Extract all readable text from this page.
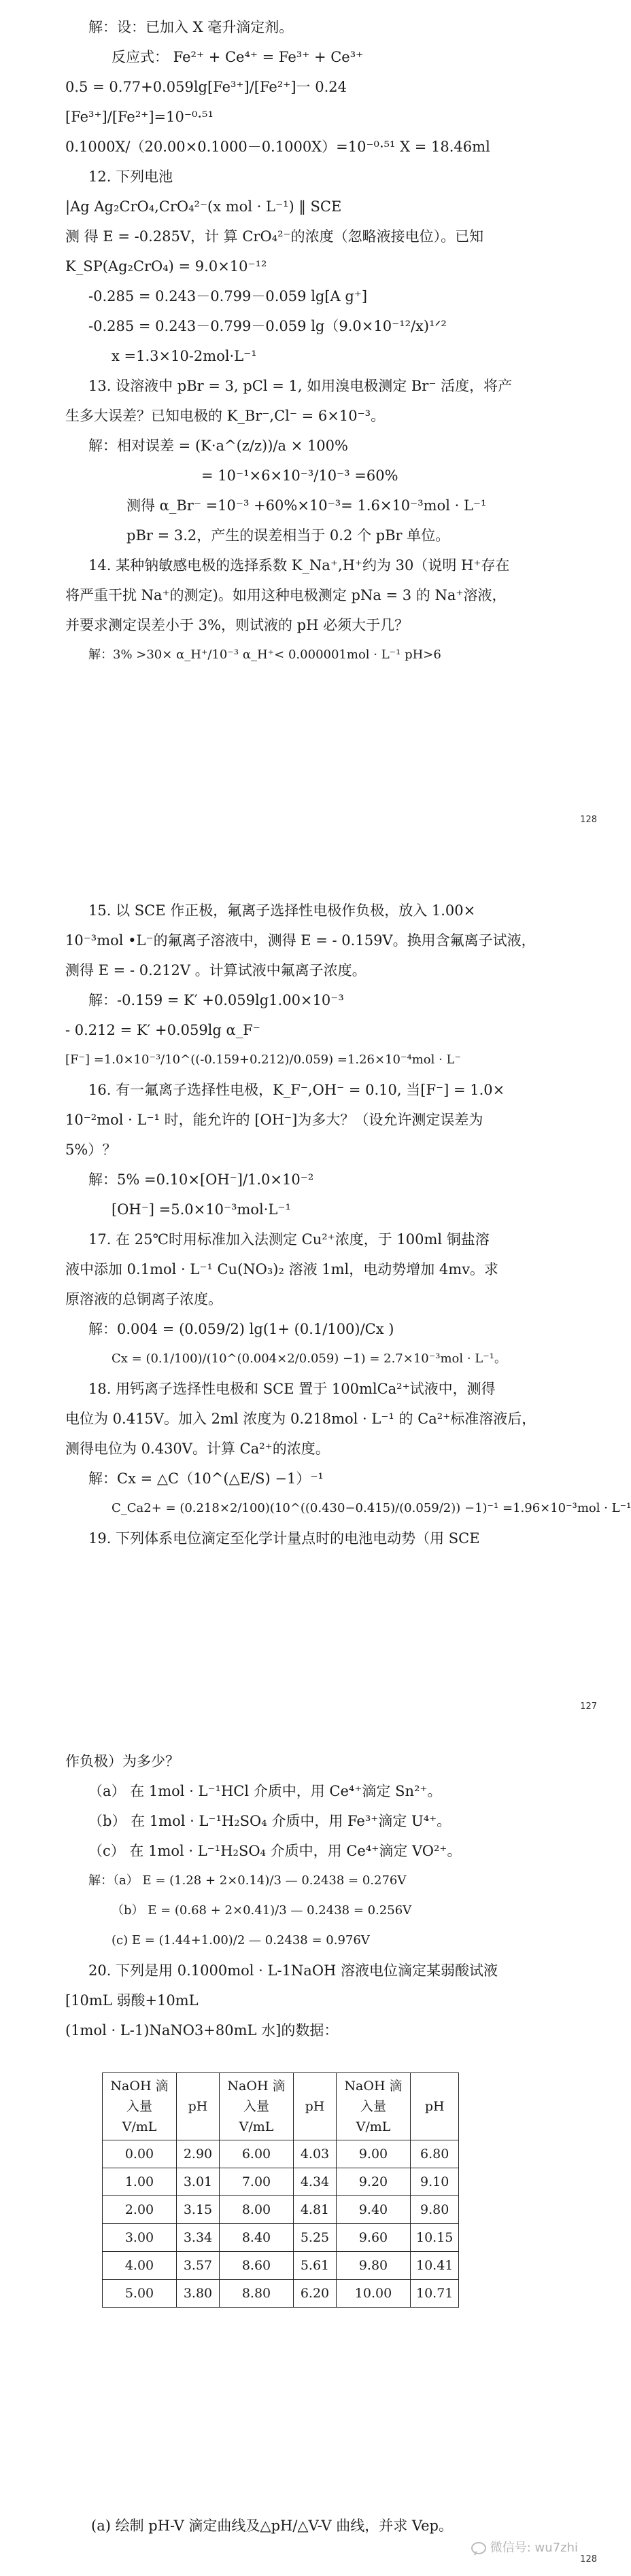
解：设：已加入 X 毫升滴定剂。
反应式： Fe²⁺ + Ce⁴⁺ = Fe³⁺ + Ce³⁺
0.5 = 0.77+0.059lg[Fe³⁺]/[Fe²⁺]一 0.24
[Fe³⁺]/[Fe²⁺]=10⁻⁰·⁵¹
0.1000X/（20.00×0.1000－0.1000X）=10⁻⁰·⁵¹ X = 18.46ml
12. 下列电池
|Ag Ag₂CrO₄,CrO₄²⁻(x mol · L⁻¹) ‖ SCE
测 得 E = -0.285V，计 算 CrO₄²⁻的浓度（忽略液接电位）。已知
K_SP(Ag₂CrO₄) = 9.0×10⁻¹²
-0.285 = 0.243－0.799－0.059 lg[A g⁺]
-0.285 = 0.243－0.799－0.059 lg（9.0×10⁻¹²/x)¹ᐟ²
x =1.3×10-2mol·L⁻¹
13. 设溶液中 pBr = 3, pCl = 1, 如用溴电极测定 Br⁻ 活度，将产
生多大误差？已知电极的 K_Br⁻,Cl⁻ = 6×10⁻³。
解：相对误差 = (K·a^(z/z))/a × 100%
= 10⁻¹×6×10⁻³/10⁻³ =60%
测得 α_Br⁻ =10⁻³ +60%×10⁻³= 1.6×10⁻³mol · L⁻¹
pBr = 3.2，产生的误差相当于 0.2 个 pBr 单位。
14. 某种钠敏感电极的选择系数 K_Na⁺,H⁺约为 30（说明 H⁺存在
将严重干扰 Na⁺的测定)。如用这种电极测定 pNa = 3 的 Na⁺溶液，
并要求测定误差小于 3%，则试液的 pH 必须大于几？
解：3% >30× α_H⁺/10⁻³ α_H⁺< 0.000001mol · L⁻¹ pH>6
128
15. 以 SCE 作正极，氟离子选择性电极作负极，放入 1.00×
10⁻³mol •L⁻的氟离子溶液中，测得 E = - 0.159V。换用含氟离子试液，
测得 E = - 0.212V 。计算试液中氟离子浓度。
解：-0.159 = K′ +0.059lg1.00×10⁻³
- 0.212 = K′ +0.059lg α_F⁻
[F⁻] =1.0×10⁻³/10^((-0.159+0.212)/0.059) =1.26×10⁻⁴mol · L⁻
16. 有一氟离子选择性电极，K_F⁻,OH⁻ = 0.10, 当[F⁻] = 1.0×
10⁻²mol · L⁻¹ 时，能允许的 [OH⁻]为多大？（设允许测定误差为
5%）？
解：5% =0.10×[OH⁻]/1.0×10⁻²
[OH⁻] =5.0×10⁻³mol·L⁻¹
17. 在 25℃时用标准加入法测定 Cu²⁺浓度，于 100ml 铜盐溶
液中添加 0.1mol · L⁻¹ Cu(NO₃)₂ 溶液 1ml，电动势增加 4mv。求
原溶液的总铜离子浓度。
解：0.004 = (0.059/2) lg(1+ (0.1/100)/Cx )
Cx = (0.1/100)/(10^(0.004×2/0.059) −1) = 2.7×10⁻³mol · L⁻¹。
18. 用钙离子选择性电极和 SCE 置于 100mlCa²⁺试液中，测得
电位为 0.415V。加入 2ml 浓度为 0.218mol · L⁻¹ 的 Ca²⁺标准溶液后，
测得电位为 0.430V。计算 Ca²⁺的浓度。
解：Cx = △C（10^(△E/S) −1）⁻¹
C_Ca2+ = (0.218×2/100)(10^((0.430−0.415)/(0.059/2)) −1)⁻¹ =1.96×10⁻³mol · L⁻¹
19. 下列体系电位滴定至化学计量点时的电池电动势（用 SCE
127
作负极）为多少？
（a） 在 1mol · L⁻¹HCl 介质中，用 Ce⁴⁺滴定 Sn²⁺。
（b） 在 1mol · L⁻¹H₂SO₄ 介质中，用 Fe³⁺滴定 U⁴⁺。
（c） 在 1mol · L⁻¹H₂SO₄ 介质中，用 Ce⁴⁺滴定 VO²⁺。
解：（a） E = (1.28 + 2×0.14)/3 — 0.2438 = 0.276V
（b） E = (0.68 + 2×0.41)/3 — 0.2438 = 0.256V
(c) E = (1.44+1.00)/2 — 0.2438 = 0.976V
20. 下列是用 0.1000mol · L-1NaOH 溶液电位滴定某弱酸试液
[10mL 弱酸+10mL
(1mol · L-1)NaNO3+80mL 水]的数据：
NaOH 滴入量 V/mL	pH	NaOH 滴入量 V/mL	pH	NaOH 滴入量 V/mL	pH
0.00	2.90	6.00	4.03	9.00	6.80
1.00	3.01	7.00	4.34	9.20	9.10
2.00	3.15	8.00	4.81	9.40	9.80
3.00	3.34	8.40	5.25	9.60	10.15
4.00	3.57	8.60	5.61	9.80	10.41
5.00	3.80	8.80	6.20	10.00	10.71
(a) 绘制 pH-V 滴定曲线及△pH/△V-V 曲线，并求 Vep。
微信号: wu7zhi
128
